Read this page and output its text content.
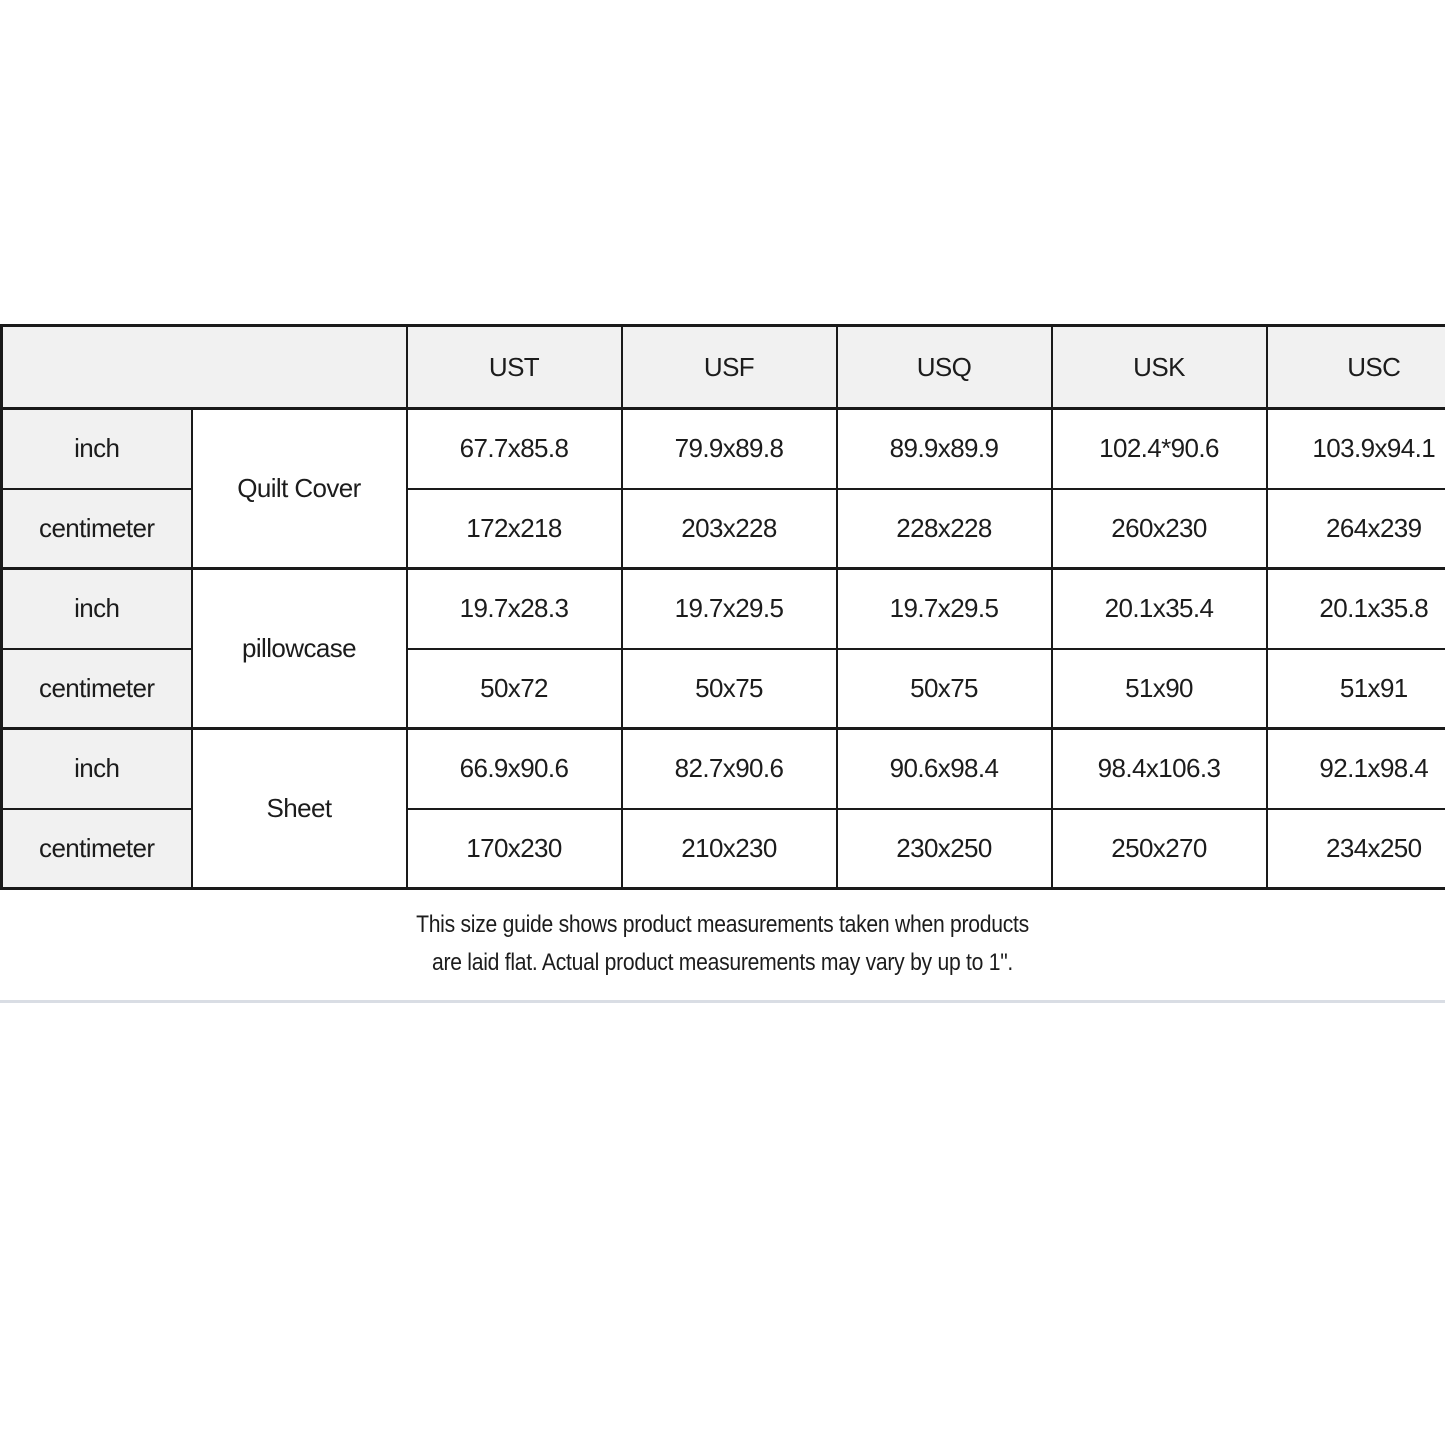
		UST	USF	USQ	USK	USC
inch	Quilt Cover	67.7x85.8	79.9x89.8	89.9x89.9	102.4*90.6	103.9x94.1
centimeter		172x218	203x228	228x228	260x230	264x239
inch	pillowcase	19.7x28.3	19.7x29.5	19.7x29.5	20.1x35.4	20.1x35.8
centimeter		50x72	50x75	50x75	51x90	51x91
inch	Sheet	66.9x90.6	82.7x90.6	90.6x98.4	98.4x106.3	92.1x98.4
centimeter		170x230	210x230	230x250	250x270	234x250
This size guide shows product measurements taken when products
are laid flat. Actual product measurements may vary by up to 1".
